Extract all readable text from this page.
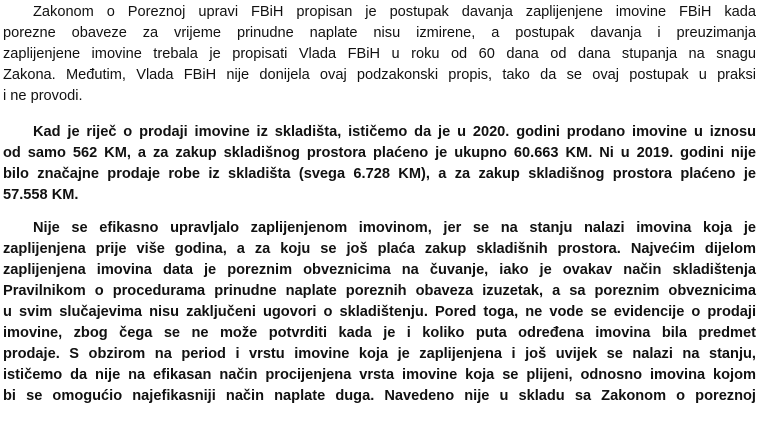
Zakonom o Poreznoj upravi FBiH propisan je postupak davanja zaplijenjene imovine FBiH kada
porezne obaveze za vrijeme prinudne naplate nisu izmirene, a postupak davanja i preuzimanja
zaplijenjene imovine trebala je propisati Vlada FBiH u roku od 60 dana od dana stupanja na snagu
Zakona. Međutim, Vlada FBiH nije donijela ovaj podzakonski propis, tako da se ovaj postupak u praksi
i ne provodi.
Kad je riječ o prodaji imovine iz skladišta, ističemo da je u 2020. godini prodano imovine u iznosu
od samo 562 KM, a za zakup skladišnog prostora plaćeno je ukupno 60.663 KM. Ni u 2019. godini nije
bilo značajne prodaje robe iz skladišta (svega 6.728 KM), a za zakup skladišnog prostora plaćeno je
57.558 KM.
Nije se efikasno upravljalo zaplijenjenom imovinom, jer se na stanju nalazi imovina koja je
zaplijenjena prije više godina, a za koju se još plaća zakup skladišnih prostora. Najvećim dijelom
zaplijenjena imovina data je poreznim obveznicima na čuvanje, iako je ovakav način skladištenja
Pravilnikom o procedurama prinudne naplate poreznih obaveza izuzetak, a sa poreznim obveznicima
u svim slučajevima nisu zaključeni ugovori o skladištenju. Pored toga, ne vode se evidencije o prodaji
imovine, zbog čega se ne može potvrditi kada je i koliko puta određena imovina bila predmet
prodaje. S obzirom na period i vrstu imovine koja je zaplijenjena i još uvijek se nalazi na stanju,
ističemo da nije na efikasan način procijenjena vrsta imovine koja se plijeni, odnosno imovina kojom
bi se omogućio najefikasniji način naplate duga. Navedeno nije u skladu sa Zakonom o poreznoj
